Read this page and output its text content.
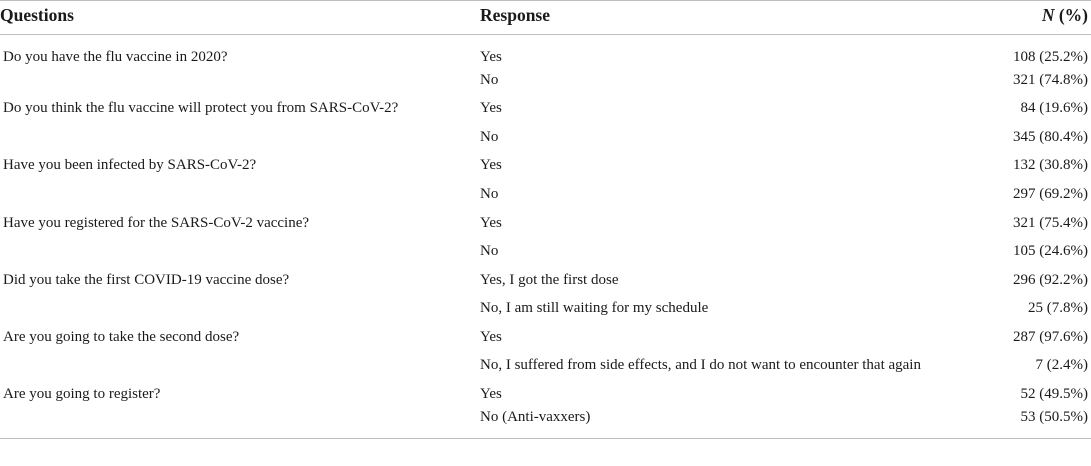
Questions	Response	N (%)
Do you have the flu vaccine in 2020?	Yes	108 (25.2%)
	No	321 (74.8%)
Do you think the flu vaccine will protect you from SARS-CoV-2?	Yes	84 (19.6%)
	No	345 (80.4%)
Have you been infected by SARS-CoV-2?	Yes	132 (30.8%)
	No	297 (69.2%)
Have you registered for the SARS-CoV-2 vaccine?	Yes	321 (75.4%)
	No	105 (24.6%)
Did you take the first COVID-19 vaccine dose?	Yes, I got the first dose	296 (92.2%)
	No, I am still waiting for my schedule	25 (7.8%)
Are you going to take the second dose?	Yes	287 (97.6%)
	No, I suffered from side effects, and I do not want to encounter that again	7 (2.4%)
Are you going to register?	Yes	52 (49.5%)
	No (Anti-vaxxers)	53 (50.5%)
